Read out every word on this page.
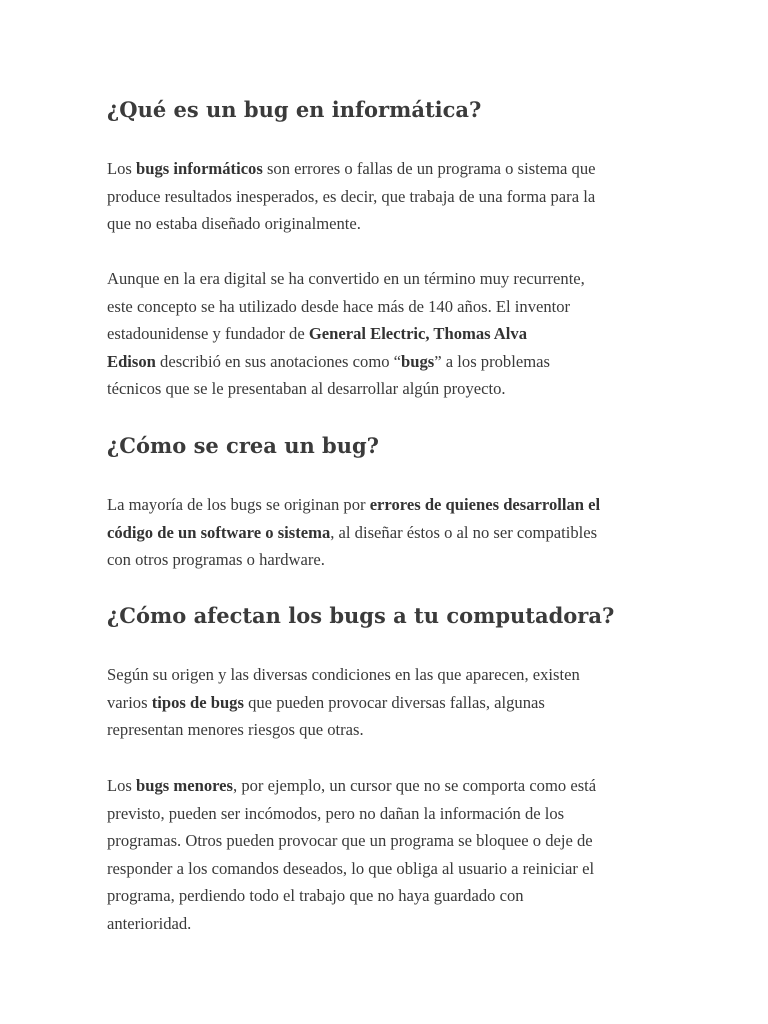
¿Qué es un bug en informática?

Los bugs informáticos son errores o fallas de un programa o sistema que
produce resultados inesperados, es decir, que trabaja de una forma para la
que no estaba diseñado originalmente.

Aunque en la era digital se ha convertido en un término muy recurrente,
este concepto se ha utilizado desde hace más de 140 años. El inventor
estadounidense y fundador de General Electric, Thomas Alva
Edison describió en sus anotaciones como “bugs” a los problemas
técnicos que se le presentaban al desarrollar algún proyecto.

¿Cómo se crea un bug?

La mayoría de los bugs se originan por errores de quienes desarrollan el
código de un software o sistema, al diseñar éstos o al no ser compatibles
con otros programas o hardware.

¿Cómo afectan los bugs a tu computadora?

Según su origen y las diversas condiciones en las que aparecen, existen
varios tipos de bugs que pueden provocar diversas fallas, algunas
representan menores riesgos que otras.

Los bugs menores, por ejemplo, un cursor que no se comporta como está
previsto, pueden ser incómodos, pero no dañan la información de los
programas. Otros pueden provocar que un programa se bloquee o deje de
responder a los comandos deseados, lo que obliga al usuario a reiniciar el
programa, perdiendo todo el trabajo que no haya guardado con
anterioridad.
